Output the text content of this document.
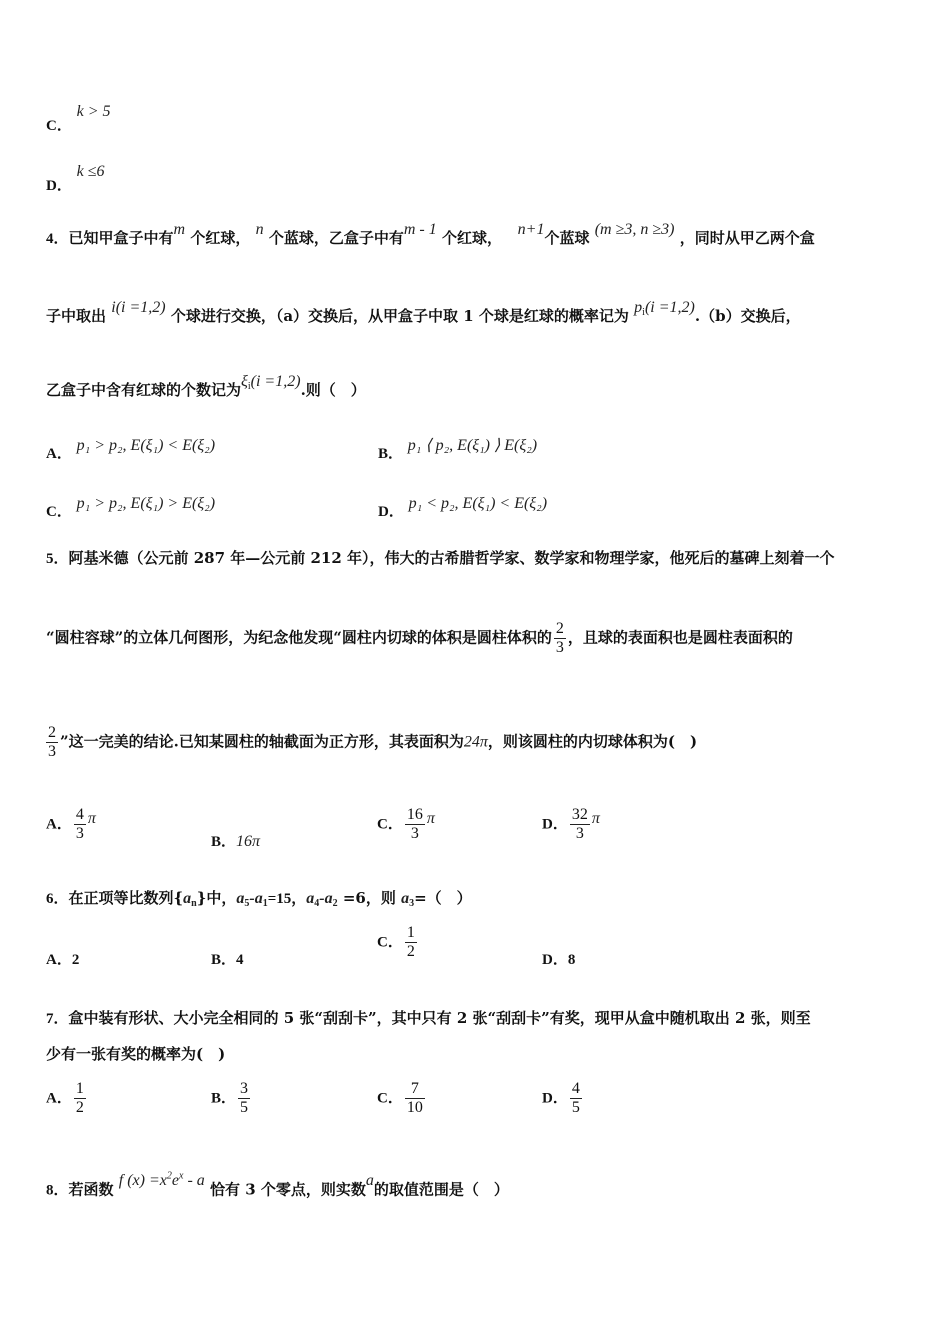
C． k > 5
D． k ≤6
4．已知甲盒子中有m 个红球， n 个蓝球，乙盒子中有m - 1 个红球， n+1个蓝球 (m ≥3, n ≥3) ，同时从甲乙两个盒
子中取出 i(i =1,2) 个球进行交换，（a）交换后，从甲盒子中取 1 个球是红球的概率记为 $p_i(i =1,2).(b)$交换后，
乙盒子中含有红球的个数记为$\xi_i(i =1,2)$.则（　）
A． p₁ > p₂, E(ξ₁) < E(ξ₂)	B． p₁ ⟨ p₂, E(ξ₁) ⟩ E(ξ₂)
C． p₁ > p₂, E(ξ₁) > E(ξ₂)	D． p₁ < p₂, E(ξ₁) < E(ξ₂)
5．阿基米德（公元前 287 年—公元前 212 年），伟大的古希腊哲学家、数学家和物理学家，他死后的墓碑上刻着一个
“圆柱容球”的立体几何图形，为纪念他发现“圆柱内切球的体积是圆柱体积的 $\frac{2}{3}$ ，且球的表面积也是圆柱表面积的
$\frac{2}{3}$ ”这一完美的结论.已知某圆柱的轴截面为正方形，其表面积为24π，则该圆柱的内切球体积为(　)
A． $\frac{4}{3}$ π
B．16π
C． $\frac{16}{3}$ π	D． $\frac{32}{3}$ π
6．在正项等比数列$\{a_n\}$中，$a_5-a_1=15$，$a_4-a_2 =6$，则 $a_3=$（　）
A．2	B．4
C． $\frac{1}{2}$	D．8
7．盒中装有形状、大小完全相同的 5 张“刮刮卡”，其中只有 2 张“刮刮卡”有奖，现甲从盒中随机取出 2 张，则至
少有一张有奖的概率为(　)
A． $\frac{1}{2}$	B． $\frac{3}{5}$	C． $\frac{7}{10}$	D． $\frac{4}{5}$
8．若函数 f $(x) =x^2e^x - a$ 恰有 3 个零点，则实数a的取值范围是（　）
